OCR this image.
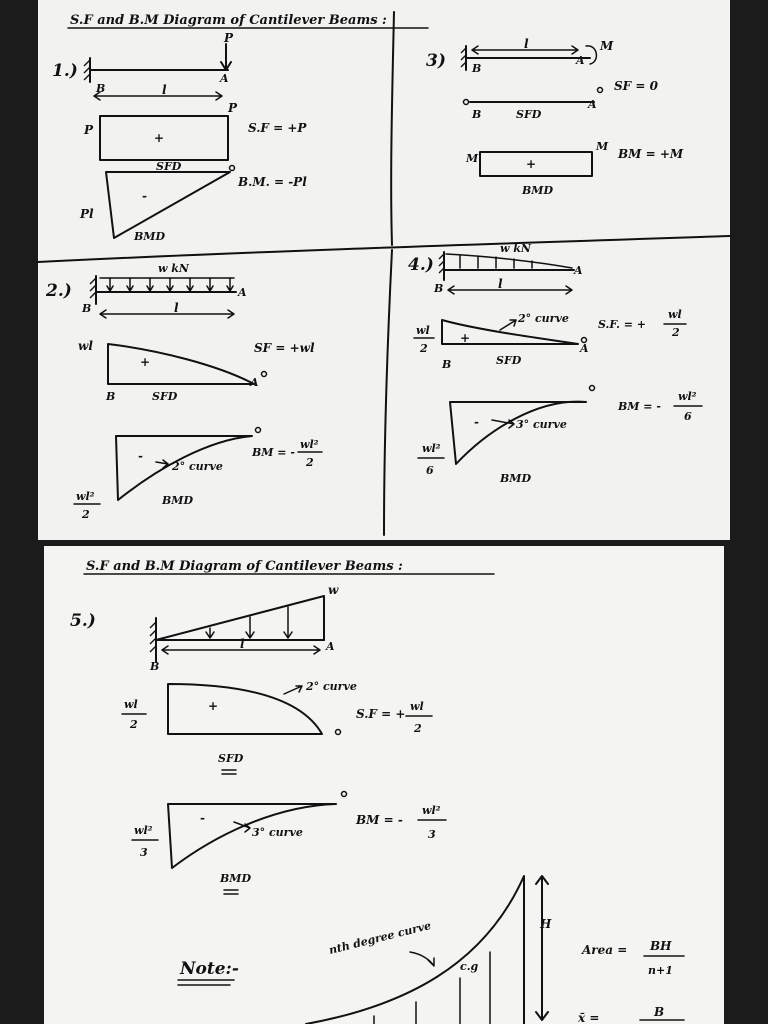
S.F and B.M Diagram of Cantilever Beams :
1.)
P
B
A
l
P
P
+
S.F = +P
SFD
B.M. = -Pl
-
Pl
BMD
3)
l	M
B
A
B
A
SF = 0
SFD
M
M
+
BM = +M
BMD
2.)
w kN
B
A
l
wl
+
SF = +wl
B
A
SFD
-
2° curve
BM = -
wl²
2
wl²
2
BMD
4.)
w kN
B
A
l
wl
2
2° curve
+
B
A
SFD
S.F. = +
wl
2
-	3° curve
BM = -
wl²
6
wl²
6
BMD
S.F and B.M Diagram of Cantilever Beams :
5.)
w
B
A
l
wl
2
+
2° curve
S.F = +
wl
2
SFD
-
3° curve
wl²
3
BM = -
wl²
3
BMD
Note:-	c.g
nth degree curve	H
Area = BH
n+1
x̄ =	B
